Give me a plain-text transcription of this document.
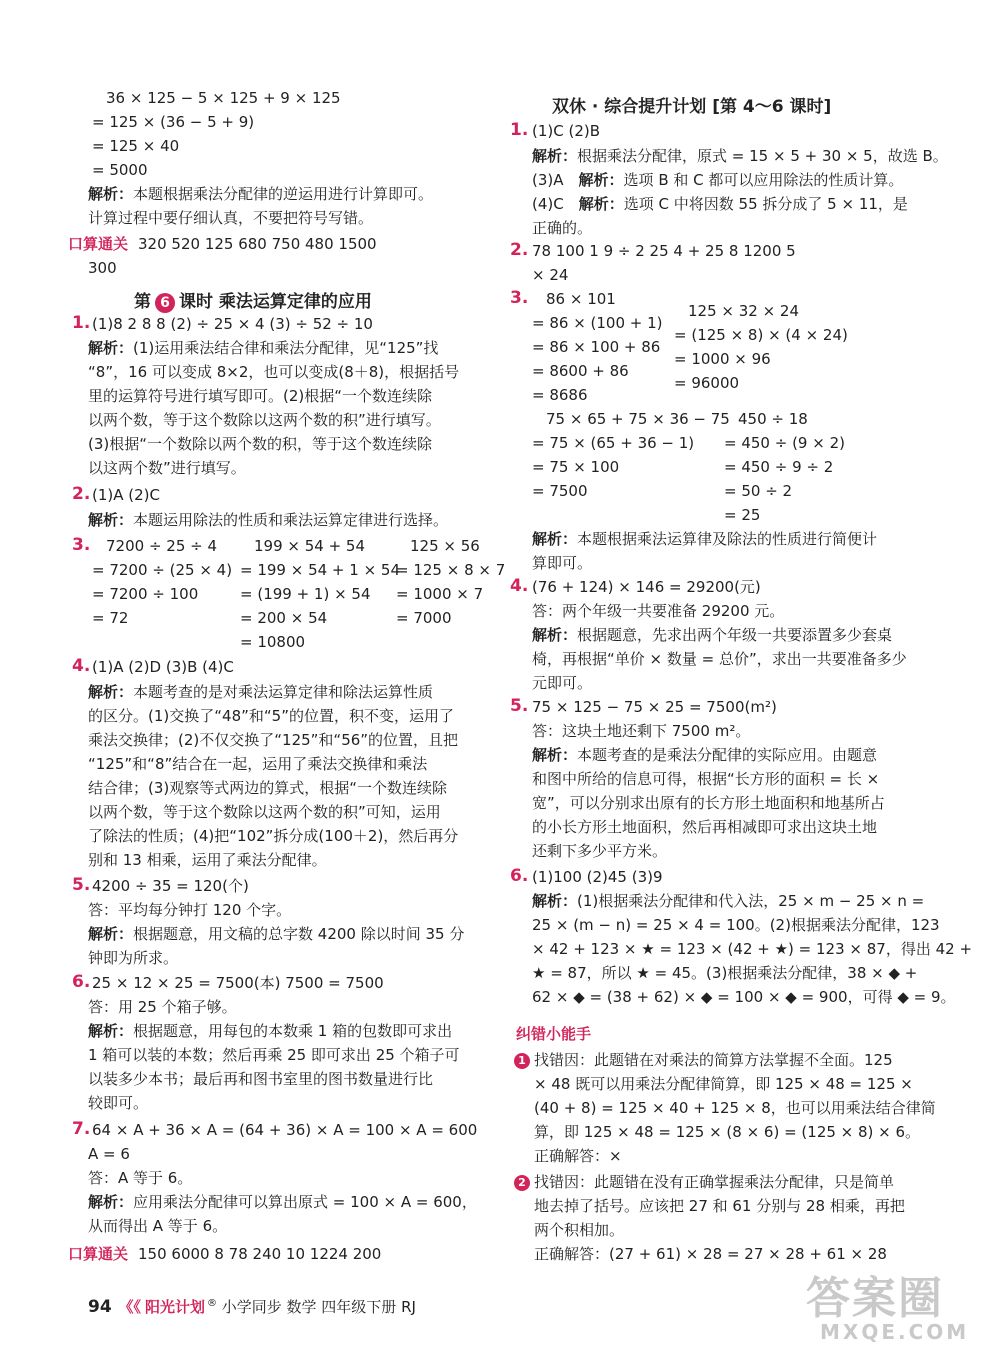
36 × 125 − 5 × 125 + 9 × 125
= 125 × (36 − 5 + 9)
= 125 × 40
= 5000
解析：本题根据乘法分配律的逆运用进行计算即可。
计算过程中要仔细认真，不要把符号写错。
口算通关 320 520 125 680 750 480 1500
300
第 6 课时 乘法运算定律的应用
1. (1)8 2 8 8 (2) ÷ 25 × 4 (3) ÷ 52 ÷ 10
解析：(1)运用乘法结合律和乘法分配律，见“125”找
“8”，16 可以变成 8×2，也可以变成(8＋8)，根据括号
里的运算符号进行填写即可。(2)根据“一个数连续除
以两个数，等于这个数除以这两个数的积”进行填写。
(3)根据“一个数除以两个数的积，等于这个数连续除
以这两个数”进行填写。
2. (1)A (2)C
解析：本题运用除法的性质和乘法运算定律进行选择。
3. 7200 ÷ 25 ÷ 4
= 7200 ÷ (25 × 4)
= 7200 ÷ 100
= 72
199 × 54 + 54
= 199 × 54 + 1 × 54
= (199 + 1) × 54
= 200 × 54
= 10800
125 × 56
= 125 × 8 × 7
= 1000 × 7
= 7000
4. (1)A (2)D (3)B (4)C
解析：本题考查的是对乘法运算定律和除法运算性质
的区分。(1)交换了“48”和“5”的位置，积不变，运用了
乘法交换律；(2)不仅交换了“125”和“56”的位置，且把
“125”和“8”结合在一起，运用了乘法交换律和乘法
结合律；(3)观察等式两边的算式，根据“一个数连续除
以两个数，等于这个数除以这两个数的积”可知，运用
了除法的性质；(4)把“102”拆分成(100＋2)，然后再分
别和 13 相乘，运用了乘法分配律。
5. 4200 ÷ 35 = 120(个)
答：平均每分钟打 120 个字。
解析：根据题意，用文稿的总字数 4200 除以时间 35 分
钟即为所求。
6. 25 × 12 × 25 = 7500(本) 7500 = 7500
答：用 25 个箱子够。
解析：根据题意，用每包的本数乘 1 箱的包数即可求出
1 箱可以装的本数；然后再乘 25 即可求出 25 个箱子可
以装多少本书；最后再和图书室里的图书数量进行比
较即可。
7. 64 × A + 36 × A = (64 + 36) × A = 100 × A = 600
A = 6
答：A 等于 6。
解析：应用乘法分配律可以算出原式 = 100 × A = 600，
从而得出 A 等于 6。
口算通关 150 6000 8 78 240 10 1224 200
双休 · 综合提升计划 [第 4～6 课时]
1. (1)C (2)B
解析：根据乘法分配律，原式 = 15 × 5 + 30 × 5，故选 B。
(3)A　 解析：选项 B 和 C 都可以应用除法的性质计算。
(4)C　 解析：选项 C 中将因数 55 拆分成了 5 × 11，是
正确的。
2. 78 100 1 9 ÷ 2 25 4 + 25 8 1200 5
× 24
3. 86 × 101
= 86 × (100 + 1)
= 86 × 100 + 86
= 8600 + 86
= 8686
125 × 32 × 24
= (125 × 8) × (4 × 24)
= 1000 × 96
= 96000
75 × 65 + 75 × 36 − 75
= 75 × (65 + 36 − 1)
= 75 × 100
= 7500
450 ÷ 18
= 450 ÷ (9 × 2)
= 450 ÷ 9 ÷ 2
= 50 ÷ 2
= 25
解析：本题根据乘法运算律及除法的性质进行简便计
算即可。
4. (76 + 124) × 146 = 29200(元)
答：两个年级一共要准备 29200 元。
解析：根据题意，先求出两个年级一共要添置多少套桌
椅，再根据“单价 × 数量 = 总价”，求出一共要准备多少
元即可。
5. 75 × 125 − 75 × 25 = 7500(m²)
答：这块土地还剩下 7500 m²。
解析：本题考查的是乘法分配律的实际应用。由题意
和图中所给的信息可得，根据“长方形的面积 = 长 ×
宽”，可以分别求出原有的长方形土地面积和地基所占
的小长方形土地面积，然后再相减即可求出这块土地
还剩下多少平方米。
6. (1)100 (2)45 (3)9
解析：(1)根据乘法分配律和代入法，25 × m − 25 × n =
25 × (m − n) = 25 × 4 = 100。(2)根据乘法分配律，123
× 42 + 123 × ★ = 123 × (42 + ★) = 123 × 87，得出 42 +
★ = 87，所以 ★ = 45。(3)根据乘法分配律，38 × ◆ +
62 × ◆ = (38 + 62) × ◆ = 100 × ◆ = 900，可得 ◆ = 9。
纠错小能手
1 找错因：此题错在对乘法的简算方法掌握不全面。125
× 48 既可以用乘法分配律简算，即 125 × 48 = 125 ×
(40 + 8) = 125 × 40 + 125 × 8，也可以用乘法结合律简
算，即 125 × 48 = 125 × (8 × 6) = (125 × 8) × 6。
正确解答：×
2 找错因：此题错在没有正确掌握乘法分配律，只是简单
地去掉了括号。应该把 27 和 61 分别与 28 相乘，再把
两个积相加。
正确解答：(27 + 61) × 28 = 27 × 28 + 61 × 28
94 《《 阳光计划 ® 小学同步 数学 四年级下册 RJ	答案圈
MXQE.COM
